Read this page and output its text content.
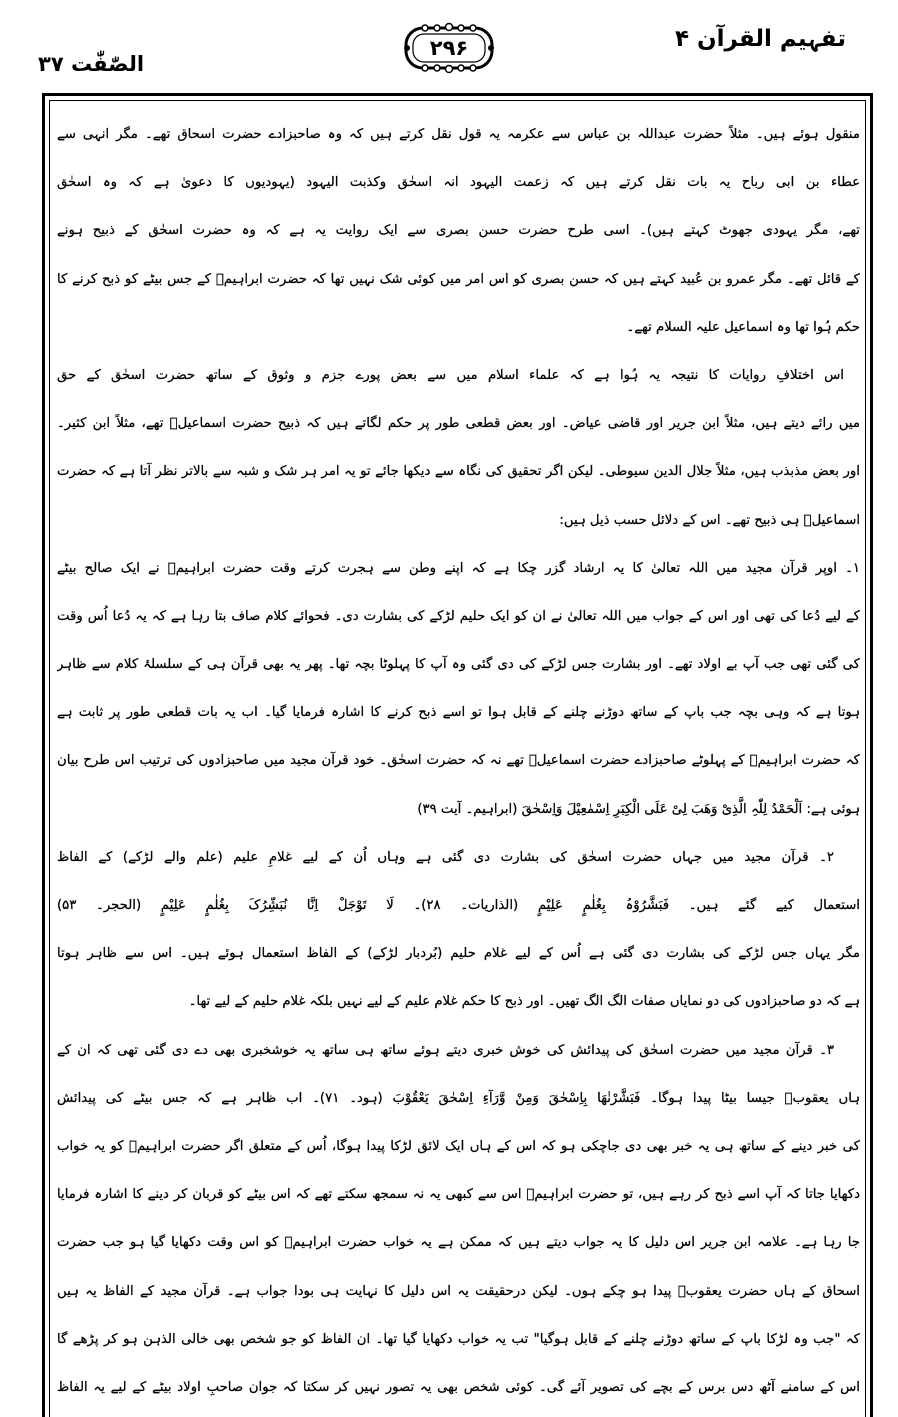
تفہیم القرآن ۴
۲۹۶
الصّٰفّٰت ۳۷
منقول ہوئے ہیں۔ مثلاً حضرت عبداللہ بن عباس سے عکرمہ یہ قول نقل کرتے ہیں کہ وہ صاحبزادے حضرت اسحاق تھے۔ مگر انہی سے
عطاء بن ابی رباح یہ بات نقل کرتے ہیں کہ زعمت الیہود انہ اسحٰق وکذبت الیہود (یہودیوں کا دعویٰ ہے کہ وہ اسحٰق
تھے، مگر یہودی جھوٹ کہتے ہیں)۔ اسی طرح حضرت حسن بصری سے ایک روایت یہ ہے کہ وہ حضرت اسحٰق کے ذبیح ہونے
کے قائل تھے۔ مگر عمرو بن عُبید کہتے ہیں کہ حسن بصری کو اس امر میں کوئی شک نہیں تھا کہ حضرت ابراہیمؑ کے جس بیٹے کو ذبح کرنے کا
حکم ہُوا تھا وہ اسماعیل علیہ السلام تھے۔
اس اختلافِ روایات کا نتیجہ یہ ہُوا ہے کہ علماء اسلام میں سے بعض پورے جزم و وثوق کے ساتھ حضرت اسحٰق کے حق
میں رائے دیتے ہیں، مثلاً ابن جریر اور قاضی عیاض۔ اور بعض قطعی طور پر حکم لگاتے ہیں کہ ذبیح حضرت اسماعیلؑ تھے، مثلاً ابن کثیر۔
اور بعض مذبذب ہیں، مثلاً جلال الدین سیوطی۔ لیکن اگر تحقیق کی نگاہ سے دیکھا جائے تو یہ امر ہر شک و شبہ سے بالاتر نظر آتا ہے کہ حضرت
اسماعیلؑ ہی ذبیح تھے۔ اس کے دلائل حسب ذیل ہیں:
۱۔ اوپر قرآن مجید میں اللہ تعالیٰ کا یہ ارشاد گزر چکا ہے کہ اپنے وطن سے ہجرت کرتے وقت حضرت ابراہیمؑ نے ایک صالح بیٹے
کے لیے دُعا کی تھی اور اس کے جواب میں اللہ تعالیٰ نے ان کو ایک حلیم لڑکے کی بشارت دی۔ فحوائے کلام صاف بتا رہا ہے کہ یہ دُعا اُس وقت
کی گئی تھی جب آپ بے اولاد تھے۔ اور بشارت جس لڑکے کی دی گئی وہ آپ کا پہلوٹا بچہ تھا۔ پھر یہ بھی قرآن ہی کے سلسلۂ کلام سے ظاہر
ہوتا ہے کہ وہی بچہ جب باپ کے ساتھ دوڑنے چلنے کے قابل ہوا تو اسے ذبح کرنے کا اشارہ فرمایا گیا۔ اب یہ بات قطعی طور پر ثابت ہے
کہ حضرت ابراہیمؑ کے پہلوٹے صاحبزادے حضرت اسماعیلؑ تھے نہ کہ حضرت اسحٰق۔ خود قرآن مجید میں صاحبزادوں کی ترتیب اس طرح بیان
ہوئی ہے: اَلْحَمْدُ لِلّٰہِ الَّذِیْ وَھَبَ لِیْ عَلَی الْکِبَرِ اِسْمٰعِیْلَ وَاِسْحٰقَ (ابراہیم۔ آیت ۳۹)
۲۔ قرآن مجید میں جہاں حضرت اسحٰق کی بشارت دی گئی ہے وہاں اُن کے لیے غلامِ علیم (علم والے لڑکے) کے الفاظ
استعمال کیے گئے ہیں۔ فَبَشَّرُوْہُ بِغُلٰمٍ عَلِیْمٍ (الذاریات۔ ۲۸)۔ لَا تَوْجَلْ اِنَّا نُبَشِّرُکَ بِغُلٰمٍ عَلِیْمٍ (الحجر۔ ۵۳)
مگر یہاں جس لڑکے کی بشارت دی گئی ہے اُس کے لیے غلام حلیم (بُردبار لڑکے) کے الفاظ استعمال ہوئے ہیں۔ اس سے ظاہر ہوتا
ہے کہ دو صاحبزادوں کی دو نمایاں صفات الگ الگ تھیں۔ اور ذبح کا حکم غلام علیم کے لیے نہیں بلکہ غلام حلیم کے لیے تھا۔
۳۔ قرآن مجید میں حضرت اسحٰق کی پیدائش کی خوش خبری دیتے ہوئے ساتھ ہی ساتھ یہ خوشخبری بھی دے دی گئی تھی کہ ان کے
ہاں یعقوبؑ جیسا بیٹا پیدا ہوگا۔ فَبَشَّرْنٰھَا بِاِسْحٰقَ وَمِنْ وَّرَآءِ اِسْحٰقَ یَعْقُوْبَ (ہود۔ ۷۱)۔ اب ظاہر ہے کہ جس بیٹے کی پیدائش
کی خبر دینے کے ساتھ ہی یہ خبر بھی دی جاچکی ہو کہ اس کے ہاں ایک لائق لڑکا پیدا ہوگا، اُس کے متعلق اگر حضرت ابراہیمؑ کو یہ خواب
دکھایا جاتا کہ آپ اسے ذبح کر رہے ہیں، تو حضرت ابراہیمؑ اس سے کبھی یہ نہ سمجھ سکتے تھے کہ اس بیٹے کو قربان کر دینے کا اشارہ فرمایا
جا رہا ہے۔ علامہ ابن جریر اس دلیل کا یہ جواب دیتے ہیں کہ ممکن ہے یہ خواب حضرت ابراہیمؑ کو اس وقت دکھایا گیا ہو جب حضرت
اسحاق کے ہاں حضرت یعقوبؑ پیدا ہو چکے ہوں۔ لیکن درحقیقت یہ اس دلیل کا نہایت ہی بودا جواب ہے۔ قرآن مجید کے الفاظ یہ ہیں
کہ "جب وہ لڑکا باپ کے ساتھ دوڑنے چلنے کے قابل ہوگیا" تب یہ خواب دکھایا گیا تھا۔ ان الفاظ کو جو شخص بھی خالی الذہن ہو کر پڑھے گا
اس کے سامنے آٹھ دس برس کے بچے کی تصویر آئے گی۔ کوئی شخص بھی یہ تصور نہیں کر سکتا کہ جوان صاحبِ اولاد بیٹے کے لیے یہ الفاظ
